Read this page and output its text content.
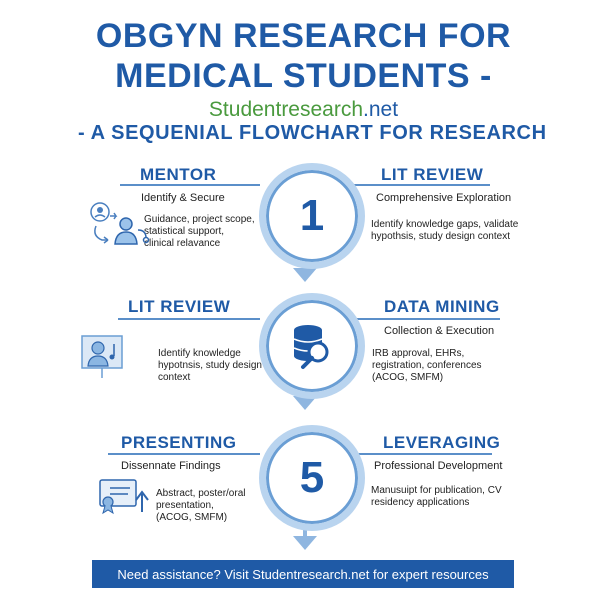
OBGYN RESEARCH FOR
MEDICAL STUDENTS -
Studentresearch.net
- A SEQUENIAL FLOWCHART FOR RESEARCH
1
MENTOR
Identify & Secure
Guidance, project scope,
statistical support,
clinical relavance
LIT REVIEW
Comprehensive Exploration
Identify knowledge gaps, validate
hypothsis, study design context
LIT REVIEW
Identify knowledge
hypotnsis, study design
context
DATA MINING
Collection & Execution
IRB approval, EHRs,
registration, conferences
(ACOG, SMFM)
5
PRESENTING
Dissennate Findings
Abstract, poster/oral
presentation,
(ACOG, SMFM)
LEVERAGING
Professional Development
Manusuipt for publication, CV
residency applications
Need assistance? Visit Studentresearch.net for expert resources
